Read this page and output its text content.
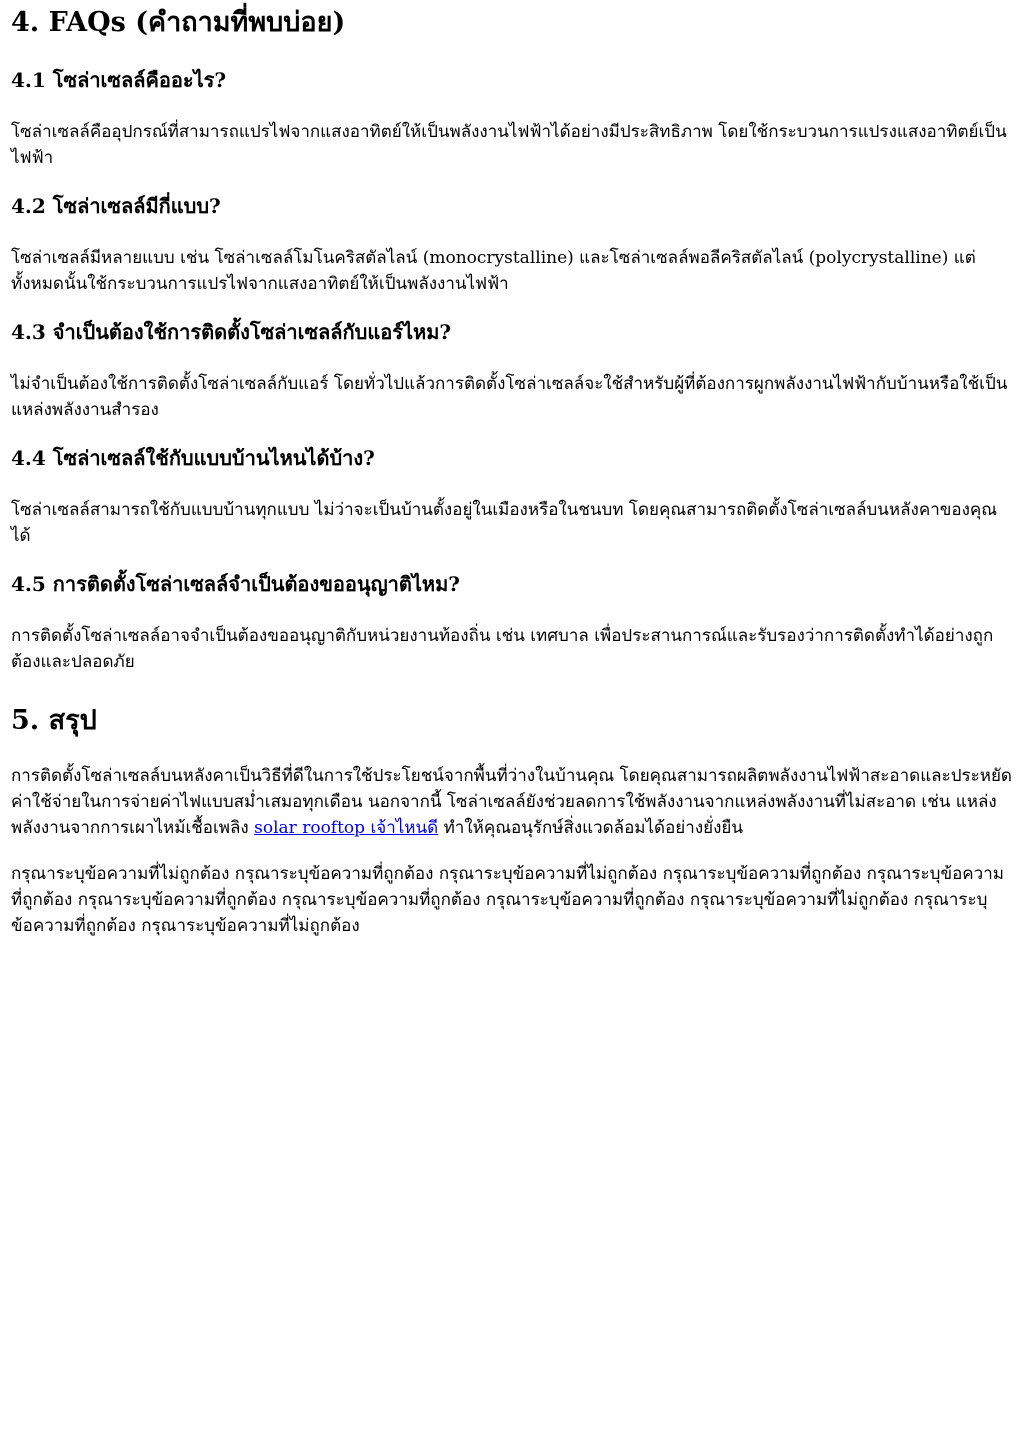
4. FAQs (คำถามที่พบบ่อย)
4.1 โซล่าเซลล์คืออะไร?

โซล่าเซลล์คืออุปกรณ์ที่สามารถแปรไฟจากแสงอาทิตย์ให้เป็นพลังงานไฟฟ้าได้อย่างมีประสิทธิภาพ โดยใช้กระบวนการแปรงแสงอาทิตย์เป็นไฟฟ้า

4.2 โซล่าเซลล์มีกี่แบบ?

โซล่าเซลล์มีหลายแบบ เช่น โซล่าเซลล์โมโนคริสตัลไลน์ (monocrystalline) และโซล่าเซลล์พอลีคริสตัลไลน์ (polycrystalline) แต่ทั้งหมดนั้นใช้กระบวนการแปรไฟจากแสงอาทิตย์ให้เป็นพลังงานไฟฟ้า

4.3 จำเป็นต้องใช้การติดตั้งโซล่าเซลล์กับแอร์ไหม?

ไม่จำเป็นต้องใช้การติดตั้งโซล่าเซลล์กับแอร์ โดยทั่วไปแล้วการติดตั้งโซล่าเซลล์จะใช้สำหรับผู้ที่ต้องการผูกพลังงานไฟฟ้ากับบ้านหรือใช้เป็นแหล่งพลังงานสำรอง

4.4 โซล่าเซลล์ใช้กับแบบบ้านไหนได้บ้าง?

โซล่าเซลล์สามารถใช้กับแบบบ้านทุกแบบ ไม่ว่าจะเป็นบ้านตั้งอยู่ในเมืองหรือในชนบท โดยคุณสามารถติดตั้งโซล่าเซลล์บนหลังคาของคุณได้

4.5 การติดตั้งโซล่าเซลล์จำเป็นต้องขออนุญาติไหม?

การติดตั้งโซล่าเซลล์อาจจำเป็นต้องขออนุญาติกับหน่วยงานท้องถิ่น เช่น เทศบาล เพื่อประสานการณ์และรับรองว่าการติดตั้งทำได้อย่างถูกต้องและปลอดภัย

5. สรุป

การติดตั้งโซล่าเซลล์บนหลังคาเป็นวิธีที่ดีในการใช้ประโยชน์จากพื้นที่ว่างในบ้านคุณ โดยคุณสามารถผลิตพลังงานไฟฟ้าสะอาดและประหยัดค่าใช้จ่ายในการจ่ายค่าไฟแบบสม่ำเสมอทุกเดือน นอกจากนี้ โซล่าเซลล์ยังช่วยลดการใช้พลังงานจากแหล่งพลังงานที่ไม่สะอาด เช่น แหล่งพลังงานจากการเผาไหม้เชื้อเพลิง solar rooftop เจ้าไหนดี ทำให้คุณอนุรักษ์สิ่งแวดล้อมได้อย่างยั่งยืน

กรุณาระบุข้อความที่ไม่ถูกต้อง กรุณาระบุข้อความที่ถูกต้อง กรุณาระบุข้อความที่ไม่ถูกต้อง กรุณาระบุข้อความที่ถูกต้อง กรุณาระบุข้อความที่ถูกต้อง กรุณาระบุข้อความที่ถูกต้อง กรุณาระบุข้อความที่ถูกต้อง กรุณาระบุข้อความที่ถูกต้อง กรุณาระบุข้อความที่ไม่ถูกต้อง กรุณาระบุข้อความที่ถูกต้อง กรุณาระบุข้อความที่ไม่ถูกต้อง
